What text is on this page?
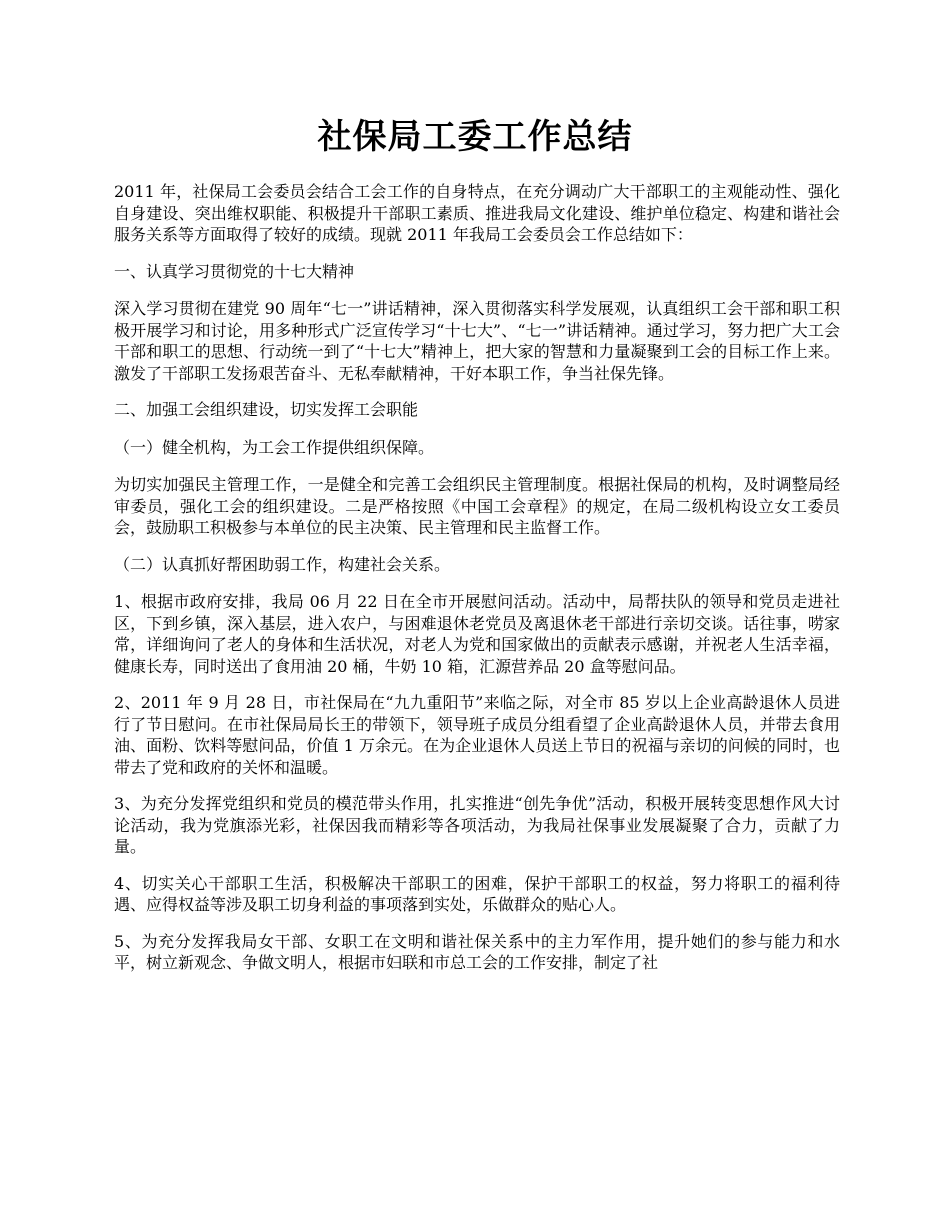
社保局工委工作总结

2011 年，社保局工会委员会结合工会工作的自身特点，在充分调动广大干部职工的主观能动性、强化自身建设、突出维权职能、积极提升干部职工素质、推进我局文化建设、维护单位稳定、构建和谐社会服务关系等方面取得了较好的成绩。现就 2011 年我局工会委员会工作总结如下：

一、认真学习贯彻党的十七大精神

深入学习贯彻在建党 90 周年“七一”讲话精神，深入贯彻落实科学发展观，认真组织工会干部和职工积极开展学习和讨论，用多种形式广泛宣传学习“十七大”、“七一”讲话精神。通过学习，努力把广大工会干部和职工的思想、行动统一到了“十七大”精神上，把大家的智慧和力量凝聚到工会的目标工作上来。激发了干部职工发扬艰苦奋斗、无私奉献精神，干好本职工作，争当社保先锋。

二、加强工会组织建设，切实发挥工会职能

（一）健全机构，为工会工作提供组织保障。

为切实加强民主管理工作，一是健全和完善工会组织民主管理制度。根据社保局的机构，及时调整局经审委员，强化工会的组织建设。二是严格按照《中国工会章程》的规定，在局二级机构设立女工委员会，鼓励职工积极参与本单位的民主决策、民主管理和民主监督工作。

（二）认真抓好帮困助弱工作，构建社会关系。

1、根据市政府安排，我局 06 月 22 日在全市开展慰问活动。活动中，局帮扶队的领导和党员走进社区，下到乡镇，深入基层，进入农户，与困难退休老党员及离退休老干部进行亲切交谈。话往事，唠家常，详细询问了老人的身体和生活状况，对老人为党和国家做出的贡献表示感谢，并祝老人生活幸福，健康长寿，同时送出了食用油 20 桶，牛奶 10 箱，汇源营养品 20 盒等慰问品。

2、2011 年 9 月 28 日，市社保局在“九九重阳节”来临之际，对全市 85 岁以上企业高龄退休人员进行了节日慰问。在市社保局局长王的带领下，领导班子成员分组看望了企业高龄退休人员，并带去食用油、面粉、饮料等慰问品，价值 1 万余元。在为企业退休人员送上节日的祝福与亲切的问候的同时，也带去了党和政府的关怀和温暖。

3、为充分发挥党组织和党员的模范带头作用，扎实推进“创先争优”活动，积极开展转变思想作风大讨论活动，我为党旗添光彩，社保因我而精彩等各项活动，为我局社保事业发展凝聚了合力，贡献了力量。

4、切实关心干部职工生活，积极解决干部职工的困难，保护干部职工的权益，努力将职工的福利待遇、应得权益等涉及职工切身利益的事项落到实处，乐做群众的贴心人。

5、为充分发挥我局女干部、女职工在文明和谐社保关系中的主力军作用，提升她们的参与能力和水平，树立新观念、争做文明人，根据市妇联和市总工会的工作安排，制定了社
